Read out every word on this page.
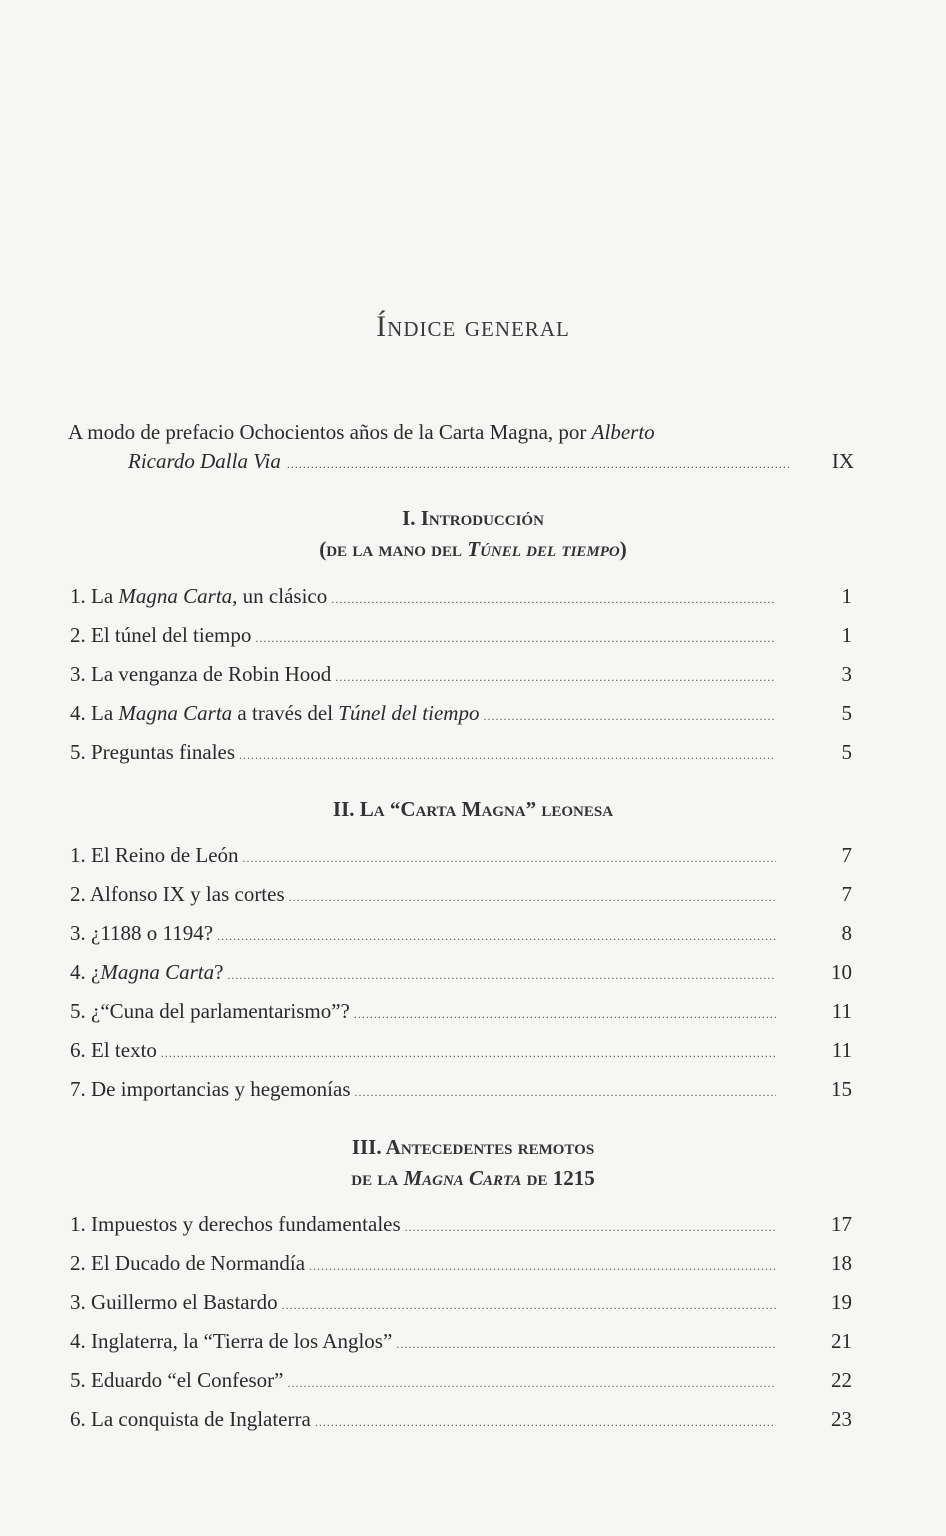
Índice general
A modo de prefacio Ochocientos años de la Carta Magna, por Alberto
Ricardo Dalla Via .....	IX
I. Introducción
(de la mano del Túnel del tiempo)
1. La Magna Carta, un clásico .....	1
2. El túnel del tiempo .....	1
3. La venganza de Robin Hood .....	3
4. La Magna Carta a través del Túnel del tiempo .....	5
5. Preguntas finales .....	5
II. La “Carta Magna” leonesa
1. El Reino de León .....	7
2. Alfonso IX y las cortes .....	7
3. ¿1188 o 1194? .....	8
4. ¿Magna Carta? .....	10
5. ¿“Cuna del parlamentarismo”? .....	11
6. El texto .....	11
7. De importancias y hegemonías .....	15
III. Antecedentes remotos
de la Magna Carta de 1215
1. Impuestos y derechos fundamentales .....	17
2. El Ducado de Normandía .....	18
3. Guillermo el Bastardo .....	19
4. Inglaterra, la “Tierra de los Anglos” .....	21
5. Eduardo “el Confesor” .....	22
6. La conquista de Inglaterra .....	23
